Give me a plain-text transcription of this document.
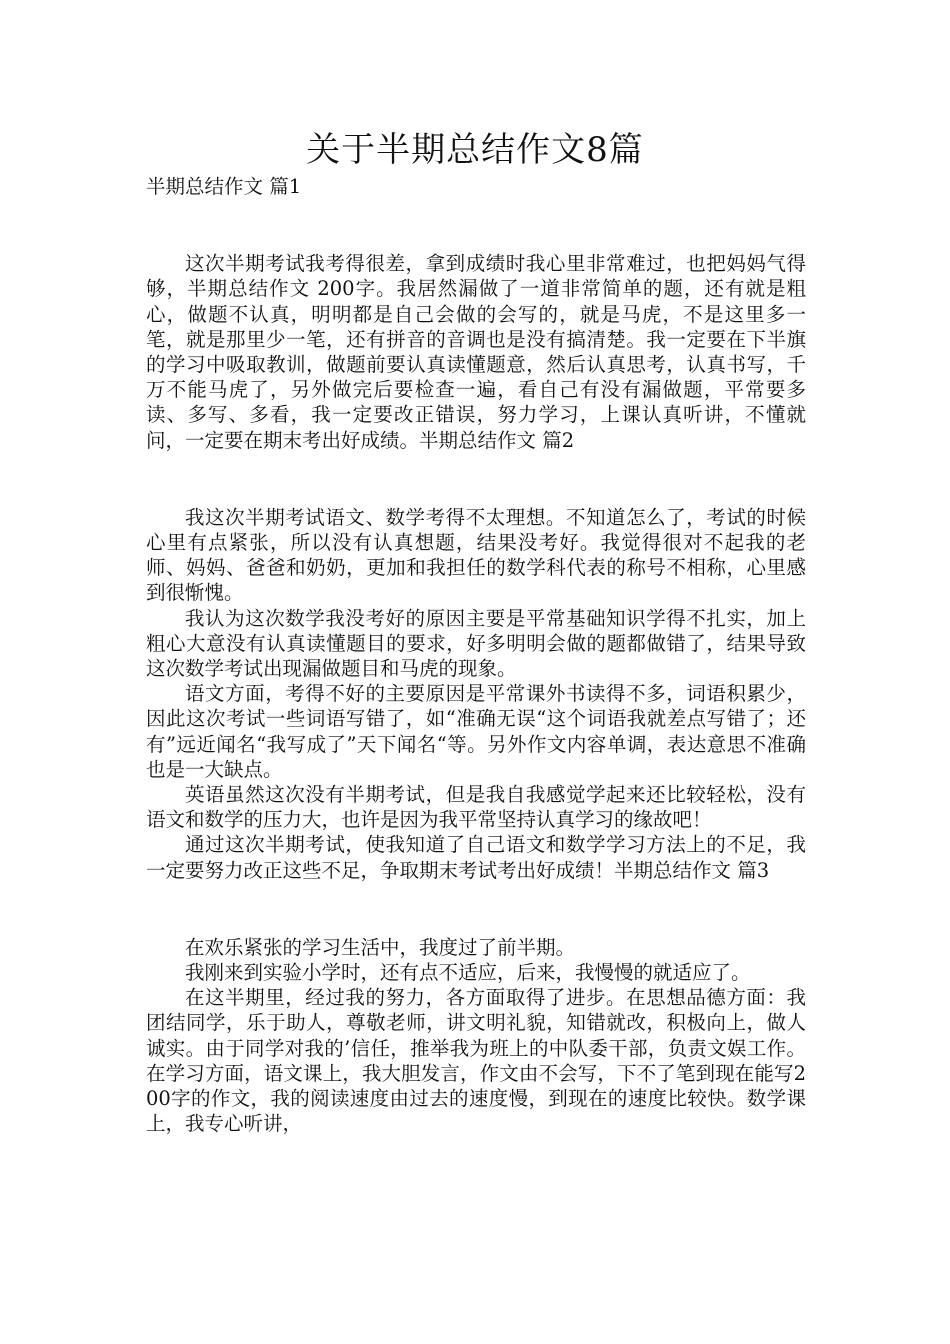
关于半期总结作文8篇

半期总结作文 篇1

这次半期考试我考得很差，拿到成绩时我心里非常难过，也把妈妈气得够，半期总结作文 200字。我居然漏做了一道非常简单的题，还有就是粗心，做题不认真，明明都是自己会做的会写的，就是马虎，不是这里多一笔，就是那里少一笔，还有拼音的音调也是没有搞清楚。我一定要在下半旗的学习中吸取教训，做题前要认真读懂题意，然后认真思考，认真书写，千万不能马虎了，另外做完后要检查一遍，看自己有没有漏做题，平常要多读、多写、多看，我一定要改正错误，努力学习，上课认真听讲，不懂就问，一定要在期末考出好成绩。半期总结作文 篇2

我这次半期考试语文、数学考得不太理想。不知道怎么了，考试的时候心里有点紧张，所以没有认真想题，结果没考好。我觉得很对不起我的老师、妈妈、爸爸和奶奶，更加和我担任的数学科代表的称号不相称，心里感到很惭愧。

我认为这次数学我没考好的原因主要是平常基础知识学得不扎实，加上粗心大意没有认真读懂题目的要求，好多明明会做的题都做错了，结果导致这次数学考试出现漏做题目和马虎的现象。

语文方面，考得不好的主要原因是平常课外书读得不多，词语积累少，因此这次考试一些词语写错了，如“准确无误“这个词语我就差点写错了；还有”远近闻名“我写成了”天下闻名“等。另外作文内容单调，表达意思不准确也是一大缺点。

英语虽然这次没有半期考试，但是我自我感觉学起来还比较轻松，没有语文和数学的压力大，也许是因为我平常坚持认真学习的缘故吧！

通过这次半期考试，使我知道了自己语文和数学学习方法上的不足，我一定要努力改正这些不足，争取期末考试考出好成绩！半期总结作文 篇3

在欢乐紧张的学习生活中，我度过了前半期。

我刚来到实验小学时，还有点不适应，后来，我慢慢的就适应了。

在这半期里，经过我的努力，各方面取得了进步。在思想品德方面：我团结同学，乐于助人，尊敬老师，讲文明礼貌，知错就改，积极向上，做人诚实。由于同学对我的’信任，推举我为班上的中队委干部，负责文娱工作。在学习方面，语文课上，我大胆发言，作文由不会写，下不了笔到现在能写200字的作文，我的阅读速度由过去的速度慢，到现在的速度比较快。数学课上，我专心听讲，
